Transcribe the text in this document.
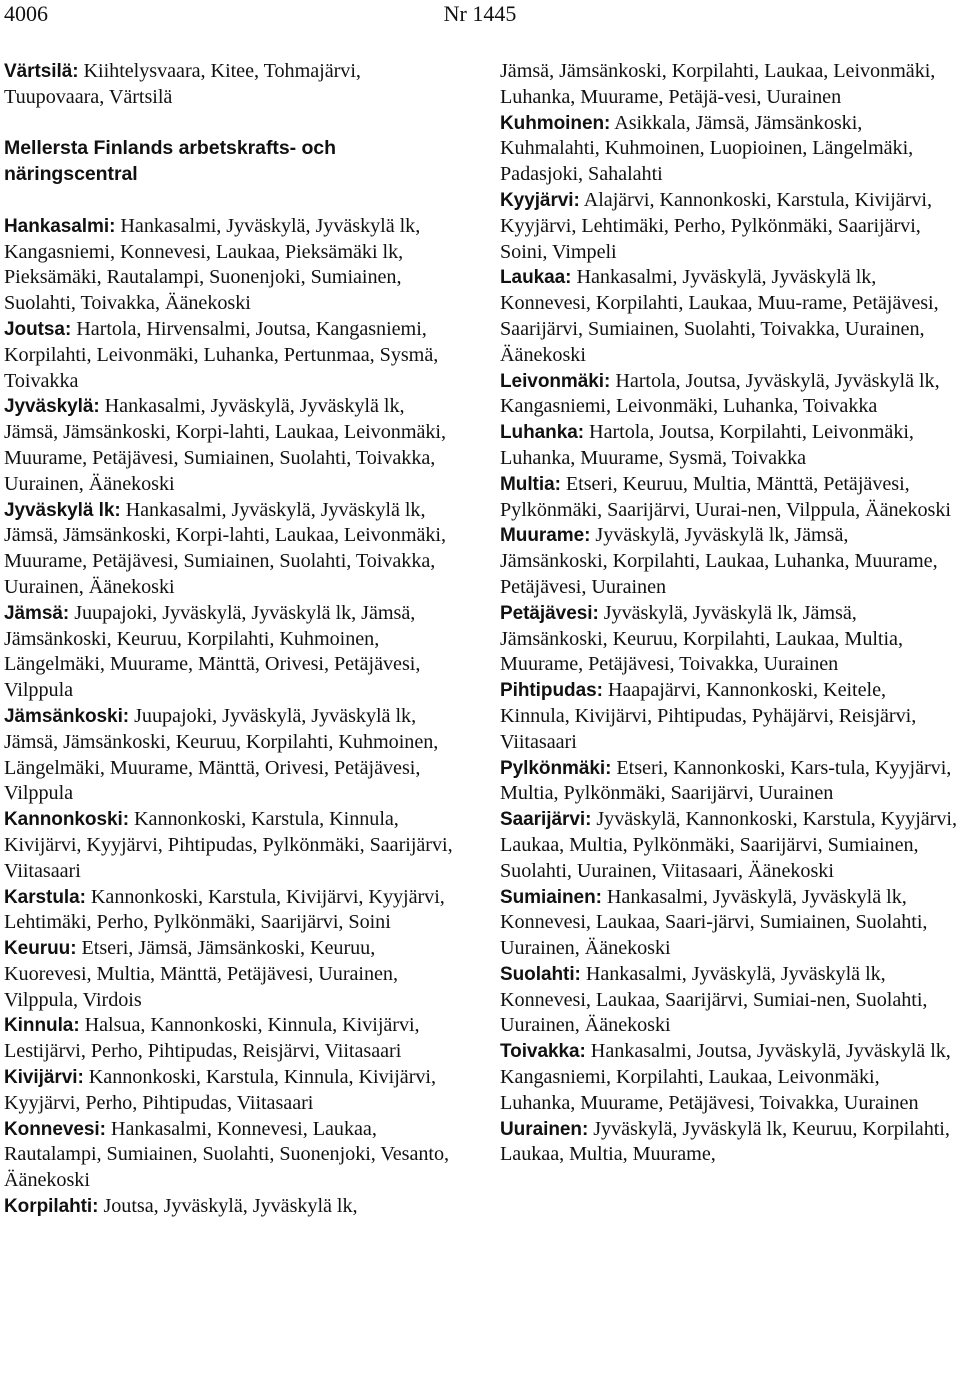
4006	Nr 1445

Värtsilä: Kiihtelysvaara, Kitee, Tohmajärvi, Tuupovaara, Värtsilä

Mellersta Finlands arbetskrafts- och näringscentral

Hankasalmi: Hankasalmi, Jyväskylä, Jyväskylä lk, Kangasniemi, Konnevesi, Laukaa, Pieksämäki lk, Pieksämäki, Rautalampi, Suonenjoki, Sumiainen, Suolahti, Toivakka, Äänekoski

Joutsa: Hartola, Hirvensalmi, Joutsa, Kangasniemi, Korpilahti, Leivonmäki, Luhanka, Pertunmaa, Sysmä, Toivakka

Jyväskylä: Hankasalmi, Jyväskylä, Jyväskylä lk, Jämsä, Jämsänkoski, Korpi-lahti, Laukaa, Leivonmäki, Muurame, Petäjävesi, Sumiainen, Suolahti, Toivakka, Uurainen, Äänekoski

Jyväskylä lk: Hankasalmi, Jyväskylä, Jyväskylä lk, Jämsä, Jämsänkoski, Korpi-lahti, Laukaa, Leivonmäki, Muurame, Petäjävesi, Sumiainen, Suolahti, Toivakka, Uurainen, Äänekoski

Jämsä: Juupajoki, Jyväskylä, Jyväskylä lk, Jämsä, Jämsänkoski, Keuruu, Korpilahti, Kuhmoinen, Längelmäki, Muurame, Mänttä, Orivesi, Petäjävesi, Vilppula

Jämsänkoski: Juupajoki, Jyväskylä, Jyväskylä lk, Jämsä, Jämsänkoski, Keuruu, Korpilahti, Kuhmoinen, Längelmäki, Muurame, Mänttä, Orivesi, Petäjävesi, Vilppula

Kannonkoski: Kannonkoski, Karstula, Kinnula, Kivijärvi, Kyyjärvi, Pihtipudas, Pylkönmäki, Saarijärvi, Viitasaari

Karstula: Kannonkoski, Karstula, Kivijärvi, Kyyjärvi, Lehtimäki, Perho, Pylkönmäki, Saarijärvi, Soini

Keuruu: Etseri, Jämsä, Jämsänkoski, Keuruu, Kuorevesi, Multia, Mänttä, Petäjävesi, Uurainen, Vilppula, Virdois

Kinnula: Halsua, Kannonkoski, Kinnula, Kivijärvi, Lestijärvi, Perho, Pihtipudas, Reisjärvi, Viitasaari

Kivijärvi: Kannonkoski, Karstula, Kinnula, Kivijärvi, Kyyjärvi, Perho, Pihtipudas, Viitasaari

Konnevesi: Hankasalmi, Konnevesi, Laukaa, Rautalampi, Sumiainen, Suolahti, Suonenjoki, Vesanto, Äänekoski

Korpilahti: Joutsa, Jyväskylä, Jyväskylä lk,

Jämsä, Jämsänkoski, Korpilahti, Laukaa, Leivonmäki, Luhanka, Muurame, Petäjä-vesi, Uurainen

Kuhmoinen: Asikkala, Jämsä, Jämsänkoski, Kuhmalahti, Kuhmoinen, Luopioinen, Längelmäki, Padasjoki, Sahalahti

Kyyjärvi: Alajärvi, Kannonkoski, Karstula, Kivijärvi, Kyyjärvi, Lehtimäki, Perho, Pylkönmäki, Saarijärvi, Soini, Vimpeli

Laukaa: Hankasalmi, Jyväskylä, Jyväskylä lk, Konnevesi, Korpilahti, Laukaa, Muu-rame, Petäjävesi, Saarijärvi, Sumiainen, Suolahti, Toivakka, Uurainen, Äänekoski

Leivonmäki: Hartola, Joutsa, Jyväskylä, Jyväskylä lk, Kangasniemi, Leivonmäki, Luhanka, Toivakka

Luhanka: Hartola, Joutsa, Korpilahti, Leivonmäki, Luhanka, Muurame, Sysmä, Toivakka

Multia: Etseri, Keuruu, Multia, Mänttä, Petäjävesi, Pylkönmäki, Saarijärvi, Uurai-nen, Vilppula, Äänekoski

Muurame: Jyväskylä, Jyväskylä lk, Jämsä, Jämsänkoski, Korpilahti, Laukaa, Luhanka, Muurame, Petäjävesi, Uurainen

Petäjävesi: Jyväskylä, Jyväskylä lk, Jämsä, Jämsänkoski, Keuruu, Korpilahti, Laukaa, Multia, Muurame, Petäjävesi, Toivakka, Uurainen

Pihtipudas: Haapajärvi, Kannonkoski, Keitele, Kinnula, Kivijärvi, Pihtipudas, Pyhäjärvi, Reisjärvi, Viitasaari

Pylkönmäki: Etseri, Kannonkoski, Kars-tula, Kyyjärvi, Multia, Pylkönmäki, Saarijärvi, Uurainen

Saarijärvi: Jyväskylä, Kannonkoski, Karstula, Kyyjärvi, Laukaa, Multia, Pylkönmäki, Saarijärvi, Sumiainen, Suolahti, Uurainen, Viitasaari, Äänekoski

Sumiainen: Hankasalmi, Jyväskylä, Jyväskylä lk, Konnevesi, Laukaa, Saari-järvi, Sumiainen, Suolahti, Uurainen, Äänekoski

Suolahti: Hankasalmi, Jyväskylä, Jyväskylä lk, Konnevesi, Laukaa, Saarijärvi, Sumiai-nen, Suolahti, Uurainen, Äänekoski

Toivakka: Hankasalmi, Joutsa, Jyväskylä, Jyväskylä lk, Kangasniemi, Korpilahti, Laukaa, Leivonmäki, Luhanka, Muurame, Petäjävesi, Toivakka, Uurainen

Uurainen: Jyväskylä, Jyväskylä lk, Keuruu, Korpilahti, Laukaa, Multia, Muurame,
